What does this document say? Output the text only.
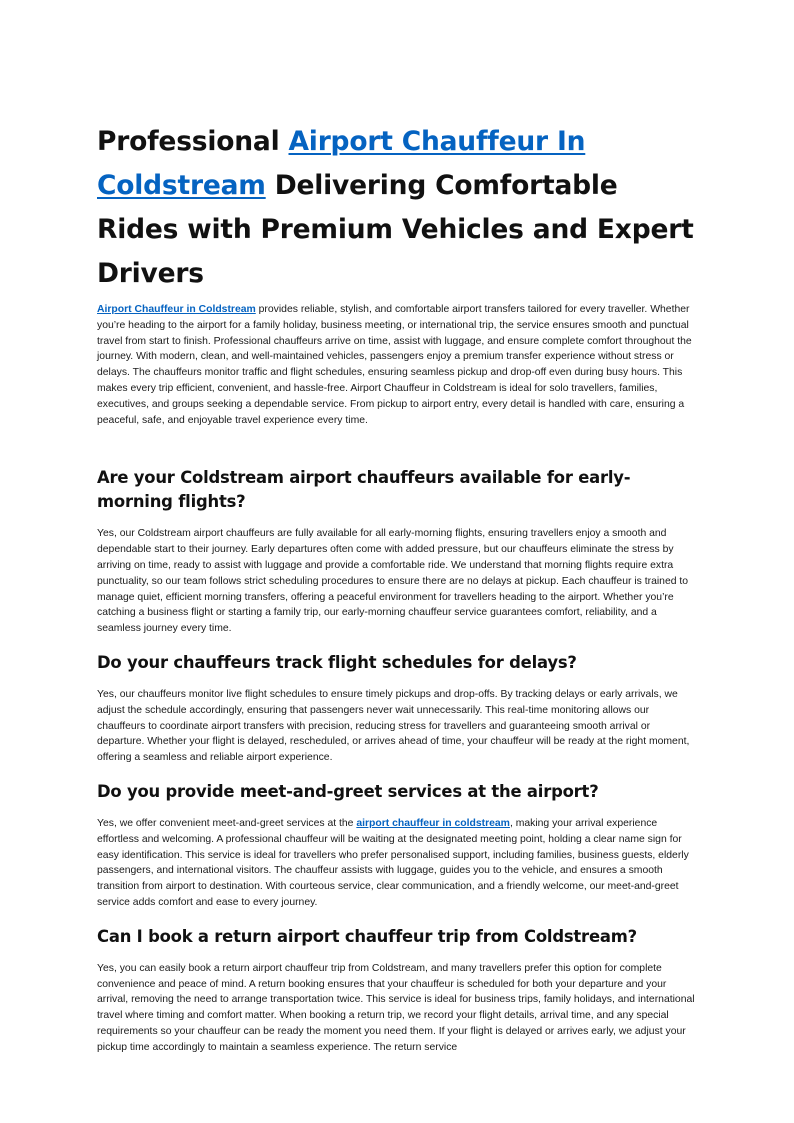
Professional Airport Chauffeur In Coldstream Delivering Comfortable Rides with Premium Vehicles and Expert Drivers

Airport Chauffeur in Coldstream provides reliable, stylish, and comfortable airport transfers tailored for every traveller. Whether you’re heading to the airport for a family holiday, business meeting, or international trip, the service ensures smooth and punctual travel from start to finish. Professional chauffeurs arrive on time, assist with luggage, and ensure complete comfort throughout the journey. With modern, clean, and well-maintained vehicles, passengers enjoy a premium transfer experience without stress or delays. The chauffeurs monitor traffic and flight schedules, ensuring seamless pickup and drop-off even during busy hours. This makes every trip efficient, convenient, and hassle-free. Airport Chauffeur in Coldstream is ideal for solo travellers, families, executives, and groups seeking a dependable service. From pickup to airport entry, every detail is handled with care, ensuring a peaceful, safe, and enjoyable travel experience every time.

Are your Coldstream airport chauffeurs available for early-morning flights?

Yes, our Coldstream airport chauffeurs are fully available for all early-morning flights, ensuring travellers enjoy a smooth and dependable start to their journey. Early departures often come with added pressure, but our chauffeurs eliminate the stress by arriving on time, ready to assist with luggage and provide a comfortable ride. We understand that morning flights require extra punctuality, so our team follows strict scheduling procedures to ensure there are no delays at pickup. Each chauffeur is trained to manage quiet, efficient morning transfers, offering a peaceful environment for travellers heading to the airport. Whether you’re catching a business flight or starting a family trip, our early-morning chauffeur service guarantees comfort, reliability, and a seamless journey every time.

Do your chauffeurs track flight schedules for delays?

Yes, our chauffeurs monitor live flight schedules to ensure timely pickups and drop-offs. By tracking delays or early arrivals, we adjust the schedule accordingly, ensuring that passengers never wait unnecessarily. This real-time monitoring allows our chauffeurs to coordinate airport transfers with precision, reducing stress for travellers and guaranteeing smooth arrival or departure. Whether your flight is delayed, rescheduled, or arrives ahead of time, your chauffeur will be ready at the right moment, offering a seamless and reliable airport experience.

Do you provide meet-and-greet services at the airport?

Yes, we offer convenient meet-and-greet services at the airport chauffeur in coldstream, making your arrival experience effortless and welcoming. A professional chauffeur will be waiting at the designated meeting point, holding a clear name sign for easy identification. This service is ideal for travellers who prefer personalised support, including families, business guests, elderly passengers, and international visitors. The chauffeur assists with luggage, guides you to the vehicle, and ensures a smooth transition from airport to destination. With courteous service, clear communication, and a friendly welcome, our meet-and-greet service adds comfort and ease to every journey.

Can I book a return airport chauffeur trip from Coldstream?

Yes, you can easily book a return airport chauffeur trip from Coldstream, and many travellers prefer this option for complete convenience and peace of mind. A return booking ensures that your chauffeur is scheduled for both your departure and your arrival, removing the need to arrange transportation twice. This service is ideal for business trips, family holidays, and international travel where timing and comfort matter. When booking a return trip, we record your flight details, arrival time, and any special requirements so your chauffeur can be ready the moment you need them. If your flight is delayed or arrives early, we adjust your pickup time accordingly to maintain a seamless experience. The return service
